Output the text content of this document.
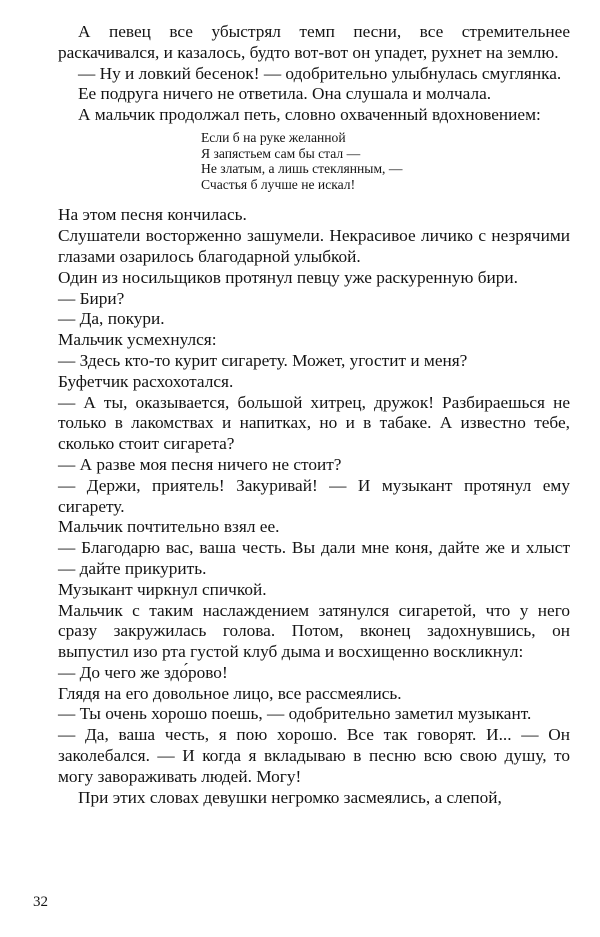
А певец все убыстрял темп песни, все стремительнее раскачивался, и казалось, будто вот-вот он упадет, рухнет на землю.

— Ну и ловкий бесенок! — одобрительно улыбнулась смуглянка.

Ее подруга ничего не ответила. Она слушала и молчала.

А мальчик продолжал петь, словно охваченный вдохновением:

Если б на руке желанной
Я запястьем сам бы стал —
Не златым, а лишь стеклянным, —
Счастья б лучше не искал!

На этом песня кончилась.

Слушатели восторженно зашумели. Некрасивое личико с незрячими глазами озарилось благодарной улыбкой.

Один из носильщиков протянул певцу уже раскуренную бири.

— Бири?

— Да, покури.

Мальчик усмехнулся:

— Здесь кто-то курит сигарету. Может, угостит и меня?

Буфетчик расхохотался.

— А ты, оказывается, большой хитрец, дружок! Разбираешься не только в лакомствах и напитках, но и в табаке. А известно тебе, сколько стоит сигарета?

— А разве моя песня ничего не стоит?

— Держи, приятель! Закуривай! — И музыкант протянул ему сигарету.

Мальчик почтительно взял ее.

— Благодарю вас, ваша честь. Вы дали мне коня, дайте же и хлыст — дайте прикурить.

Музыкант чиркнул спичкой.

Мальчик с таким наслаждением затянулся сигаретой, что у него сразу закружилась голова. Потом, вконец задохнувшись, он выпустил изо рта густой клуб дыма и восхищенно воскликнул:

— До чего же здо́рово!

Глядя на его довольное лицо, все рассмеялись.

— Ты очень хорошо поешь, — одобрительно заметил музыкант.

— Да, ваша честь, я пою хорошо. Все так говорят. И... — Он заколебался. — И когда я вкладываю в песню всю свою душу, то могу завораживать людей. Могу!

При этих словах девушки негромко засмеялись, а слепой,

32
